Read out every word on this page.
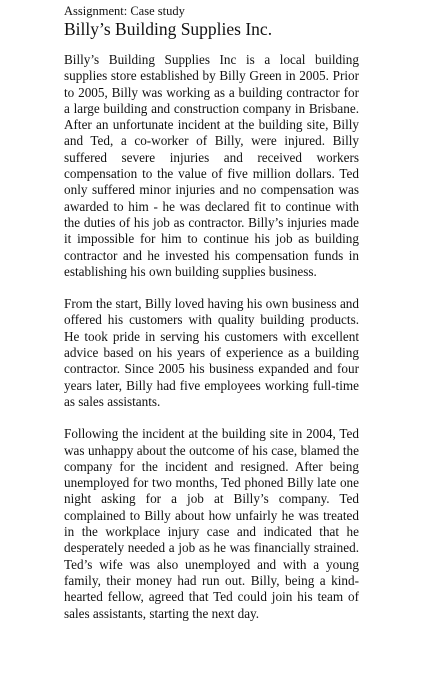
Assignment: Case study
Billy’s Building Supplies Inc.

Billy’s Building Supplies Inc is a local building supplies store established by Billy Green in 2005. Prior to 2005, Billy was working as a building contractor for a large building and construction company in Brisbane. After an unfortunate incident at the building site, Billy and Ted, a co-worker of Billy, were injured. Billy suffered severe injuries and received workers compensation to the value of five million dollars. Ted only suffered minor injuries and no compensation was awarded to him - he was declared fit to continue with the duties of his job as contractor. Billy’s injuries made it impossible for him to continue his job as building contractor and he invested his compensation funds in establishing his own building supplies business.

From the start, Billy loved having his own business and offered his customers with quality building products. He took pride in serving his customers with excellent advice based on his years of experience as a building contractor. Since 2005 his business expanded and four years later, Billy had five employees working full-time as sales assistants.

Following the incident at the building site in 2004, Ted was unhappy about the outcome of his case, blamed the company for the incident and resigned. After being unemployed for two months, Ted phoned Billy late one night asking for a job at Billy’s company. Ted complained to Billy about how unfairly he was treated in the workplace injury case and indicated that he desperately needed a job as he was financially strained. Ted’s wife was also unemployed and with a young family, their money had run out. Billy, being a kind-hearted fellow, agreed that Ted could join his team of sales assistants, starting the next day.
